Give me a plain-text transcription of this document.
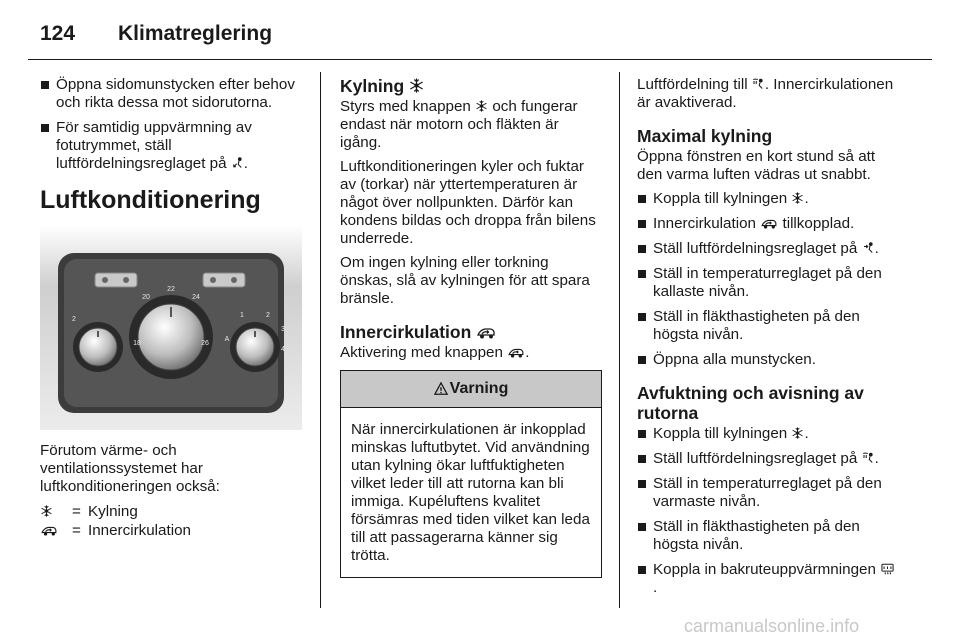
124 Klimatreglering
Öppna sidomunstycken efter behov och rikta dessa mot sidorutorna.
För samtidig uppvärmning av fotutrymmet, ställ luftfördelningsreglaget på .
Luftkonditionering
22
20	24
18	26
A
1	2
3
4
2
Förutom värme- och ventilationssystemet har luftkonditioneringen också:
= Kylning
= Innercirkulation
Kylning
Styrs med knappen och fungerar endast när motorn och fläkten är igång.
Luftkonditioneringen kyler och fuktar av (torkar) när yttertemperaturen är något över nollpunkten. Därför kan kondens bildas och droppa från bilens underrede.
Om ingen kylning eller torkning önskas, slå av kylningen för att spara bränsle.
Innercirkulation
Aktivering med knappen .
Varning
När innercirkulationen är inkopplad minskas luftutbytet. Vid användning utan kylning ökar luftfuktigheten vilket leder till att rutorna kan bli immiga. Kupéluftens kvalitet försämras med tiden vilket kan leda till att passagerarna känner sig trötta.
Luftfördelning till . Innercirkulationen är avaktiverad.
Maximal kylning
Öppna fönstren en kort stund så att den varma luften vädras ut snabbt.
Koppla till kylningen .
Innercirkulation tillkopplad.
Ställ luftfördelningsreglaget på .
Ställ in temperaturreglaget på den kallaste nivån.
Ställ in fläkthastigheten på den högsta nivån.
Öppna alla munstycken.
Avfuktning och avisning av rutorna
Koppla till kylningen .
Ställ luftfördelningsreglaget på .
Ställ in temperaturreglaget på den varmaste nivån.
Ställ in fläkthastigheten på den högsta nivån.
Koppla in bakruteuppvärmningen
.
carmanualsonline.info
